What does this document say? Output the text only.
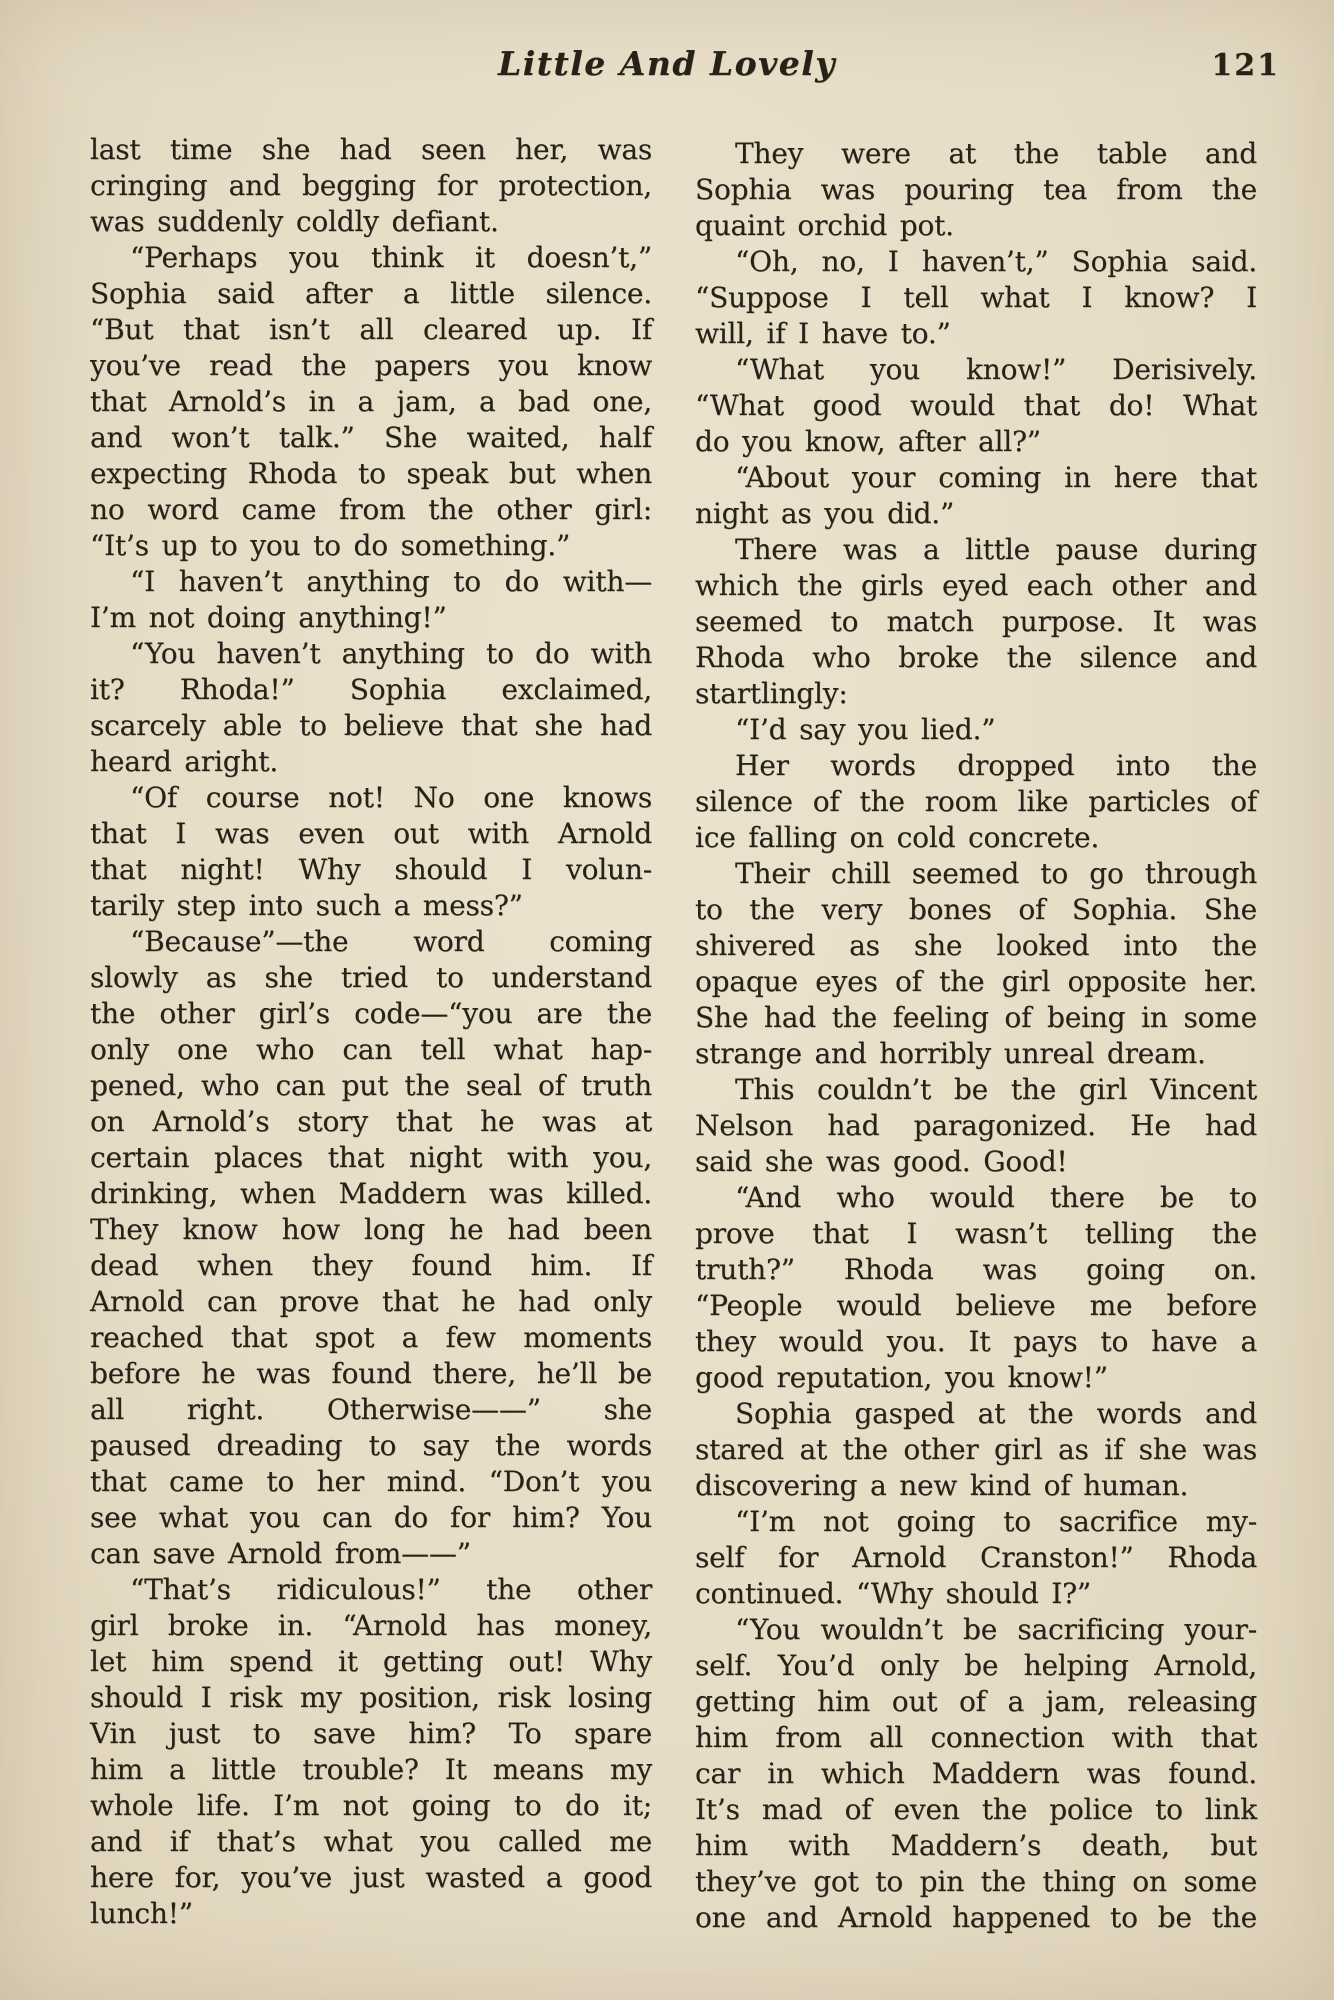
Little And Lovely	121
last time she had seen her, was
cringing and begging for protection,
was suddenly coldly defiant.
“Perhaps you think it doesn’t,”
Sophia said after a little silence.
“But that isn’t all cleared up. If
you’ve read the papers you know
that Arnold’s in a jam, a bad one,
and won’t talk.” She waited, half
expecting Rhoda to speak but when
no word came from the other girl:
“It’s up to you to do something.”
“I haven’t anything to do with—
I’m not doing anything!”
“You haven’t anything to do with
it? Rhoda!” Sophia exclaimed,
scarcely able to believe that she had
heard aright.
“Of course not! No one knows
that I was even out with Arnold
that night! Why should I volun-
tarily step into such a mess?”
“Because”—the word coming
slowly as she tried to understand
the other girl’s code—“you are the
only one who can tell what hap-
pened, who can put the seal of truth
on Arnold’s story that he was at
certain places that night with you,
drinking, when Maddern was killed.
They know how long he had been
dead when they found him. If
Arnold can prove that he had only
reached that spot a few moments
before he was found there, he’ll be
all right. Otherwise——” she
paused dreading to say the words
that came to her mind. “Don’t you
see what you can do for him? You
can save Arnold from——”
“That’s ridiculous!” the other
girl broke in. “Arnold has money,
let him spend it getting out! Why
should I risk my position, risk losing
Vin just to save him? To spare
him a little trouble? It means my
whole life. I’m not going to do it;
and if that’s what you called me
here for, you’ve just wasted a good
lunch!”
They were at the table and
Sophia was pouring tea from the
quaint orchid pot.
“Oh, no, I haven’t,” Sophia said.
“Suppose I tell what I know? I
will, if I have to.”
“What you know!” Derisively.
“What good would that do! What
do you know, after all?”
“About your coming in here that
night as you did.”
There was a little pause during
which the girls eyed each other and
seemed to match purpose. It was
Rhoda who broke the silence and
startlingly:
“I’d say you lied.”
Her words dropped into the
silence of the room like particles of
ice falling on cold concrete.
Their chill seemed to go through
to the very bones of Sophia. She
shivered as she looked into the
opaque eyes of the girl opposite her.
She had the feeling of being in some
strange and horribly unreal dream.
This couldn’t be the girl Vincent
Nelson had paragonized. He had
said she was good. Good!
“And who would there be to
prove that I wasn’t telling the
truth?” Rhoda was going on.
“People would believe me before
they would you. It pays to have a
good reputation, you know!”
Sophia gasped at the words and
stared at the other girl as if she was
discovering a new kind of human.
“I’m not going to sacrifice my-
self for Arnold Cranston!” Rhoda
continued. “Why should I?”
“You wouldn’t be sacrificing your-
self. You’d only be helping Arnold,
getting him out of a jam, releasing
him from all connection with that
car in which Maddern was found.
It’s mad of even the police to link
him with Maddern’s death, but
they’ve got to pin the thing on some
one and Arnold happened to be the
